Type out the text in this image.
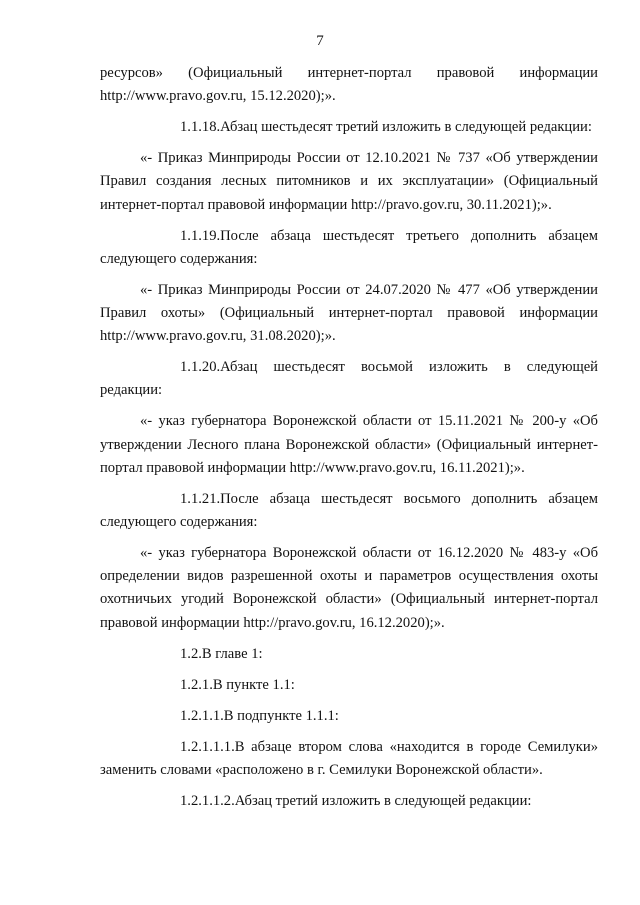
7

ресурсов» (Официальный интернет-портал правовой информации http://www.pravo.gov.ru, 15.12.2020);».

1.1.18.Абзац шестьдесят третий изложить в следующей редакции:

«- Приказ Минприроды России от 12.10.2021 № 737 «Об утверждении Правил создания лесных питомников и их эксплуатации» (Официальный интернет-портал правовой информации http://pravo.gov.ru, 30.11.2021);».

1.1.19.После абзаца шестьдесят третьего дополнить абзацем следующего содержания:

«- Приказ Минприроды России от 24.07.2020 № 477 «Об утверждении Правил охоты» (Официальный интернет-портал правовой информации http://www.pravo.gov.ru, 31.08.2020);».

1.1.20.Абзац шестьдесят восьмой изложить в следующей редакции:

«- указ губернатора Воронежской области от 15.11.2021 № 200-у «Об утверждении Лесного плана Воронежской области» (Официальный интернет-портал правовой информации http://www.pravo.gov.ru, 16.11.2021);».

1.1.21.После абзаца шестьдесят восьмого дополнить абзацем следующего содержания:

«- указ губернатора Воронежской области от 16.12.2020 № 483-у «Об определении видов разрешенной охоты и параметров осуществления охоты охотничьих угодий Воронежской области» (Официальный интернет-портал правовой информации http://pravo.gov.ru, 16.12.2020);».

1.2.В главе 1:

1.2.1.В пункте 1.1:

1.2.1.1.В подпункте 1.1.1:

1.2.1.1.1.В абзаце втором слова «находится в городе Семилуки» заменить словами «расположено в г. Семилуки Воронежской области».

1.2.1.1.2.Абзац третий изложить в следующей редакции:
